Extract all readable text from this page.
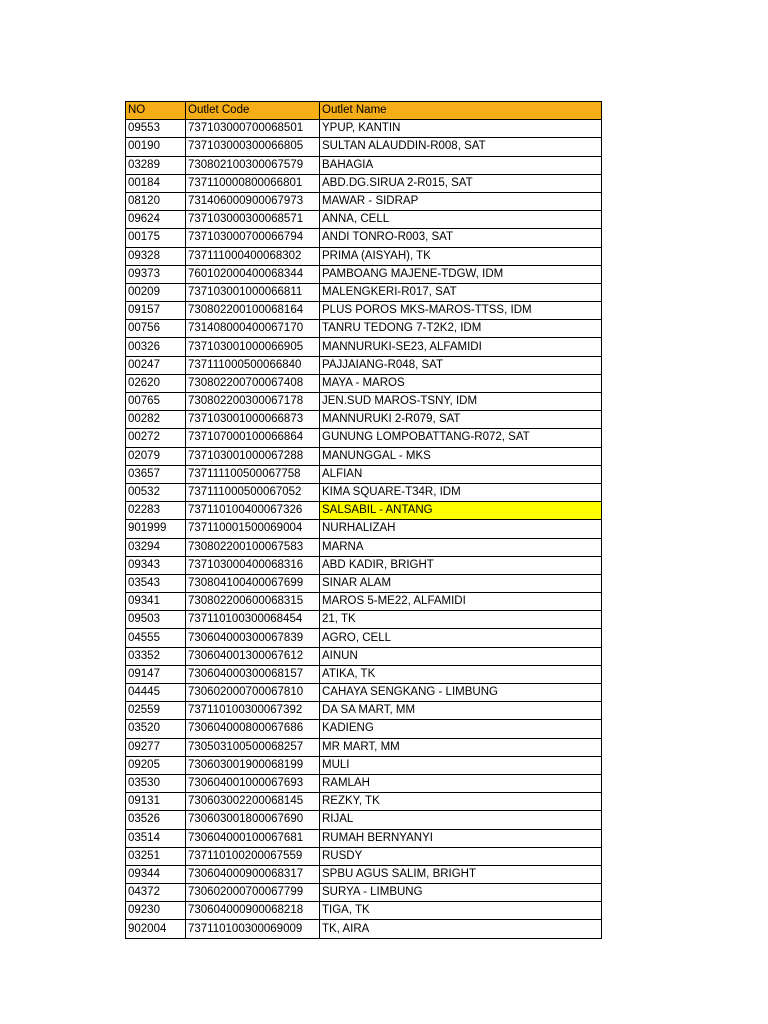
NO	Outlet Code	Outlet Name
09553	737103000700068501	YPUP, KANTIN
00190	737103000300066805	SULTAN ALAUDDIN-R008, SAT
03289	730802100300067579	BAHAGIA
00184	737110000800066801	ABD.DG.SIRUA 2-R015, SAT
08120	731406000900067973	MAWAR - SIDRAP
09624	737103000300068571	ANNA, CELL
00175	737103000700066794	ANDI TONRO-R003, SAT
09328	737111000400068302	PRIMA (AISYAH), TK
09373	760102000400068344	PAMBOANG MAJENE-TDGW, IDM
00209	737103001000066811	MALENGKERI-R017, SAT
09157	730802200100068164	PLUS POROS MKS-MAROS-TTSS, IDM
00756	731408000400067170	TANRU TEDONG 7-T2K2, IDM
00326	737103001000066905	MANNURUKI-SE23, ALFAMIDI
00247	737111000500066840	PAJJAIANG-R048, SAT
02620	730802200700067408	MAYA - MAROS
00765	730802200300067178	JEN.SUD MAROS-TSNY, IDM
00282	737103001000066873	MANNURUKI 2-R079, SAT
00272	737107000100066864	GUNUNG LOMPOBATTANG-R072, SAT
02079	737103001000067288	MANUNGGAL - MKS
03657	737111100500067758	ALFIAN
00532	737111000500067052	KIMA SQUARE-T34R, IDM
02283	737110100400067326	SALSABIL - ANTANG
901999	737110001500069004	NURHALIZAH
03294	730802200100067583	MARNA
09343	737103000400068316	ABD KADIR, BRIGHT
03543	730804100400067699	SINAR ALAM
09341	730802200600068315	MAROS 5-ME22, ALFAMIDI
09503	737110100300068454	21, TK
04555	730604000300067839	AGRO, CELL
03352	730604001300067612	AINUN
09147	730604000300068157	ATIKA, TK
04445	730602000700067810	CAHAYA SENGKANG - LIMBUNG
02559	737110100300067392	DA SA MART, MM
03520	730604000800067686	KADIENG
09277	730503100500068257	MR MART, MM
09205	730603001900068199	MULI
03530	730604001000067693	RAMLAH
09131	730603002200068145	REZKY, TK
03526	730603001800067690	RIJAL
03514	730604000100067681	RUMAH BERNYANYI
03251	737110100200067559	RUSDY
09344	730604000900068317	SPBU AGUS SALIM, BRIGHT
04372	730602000700067799	SURYA - LIMBUNG
09230	730604000900068218	TIGA, TK
902004	737110100300069009	TK, AIRA
